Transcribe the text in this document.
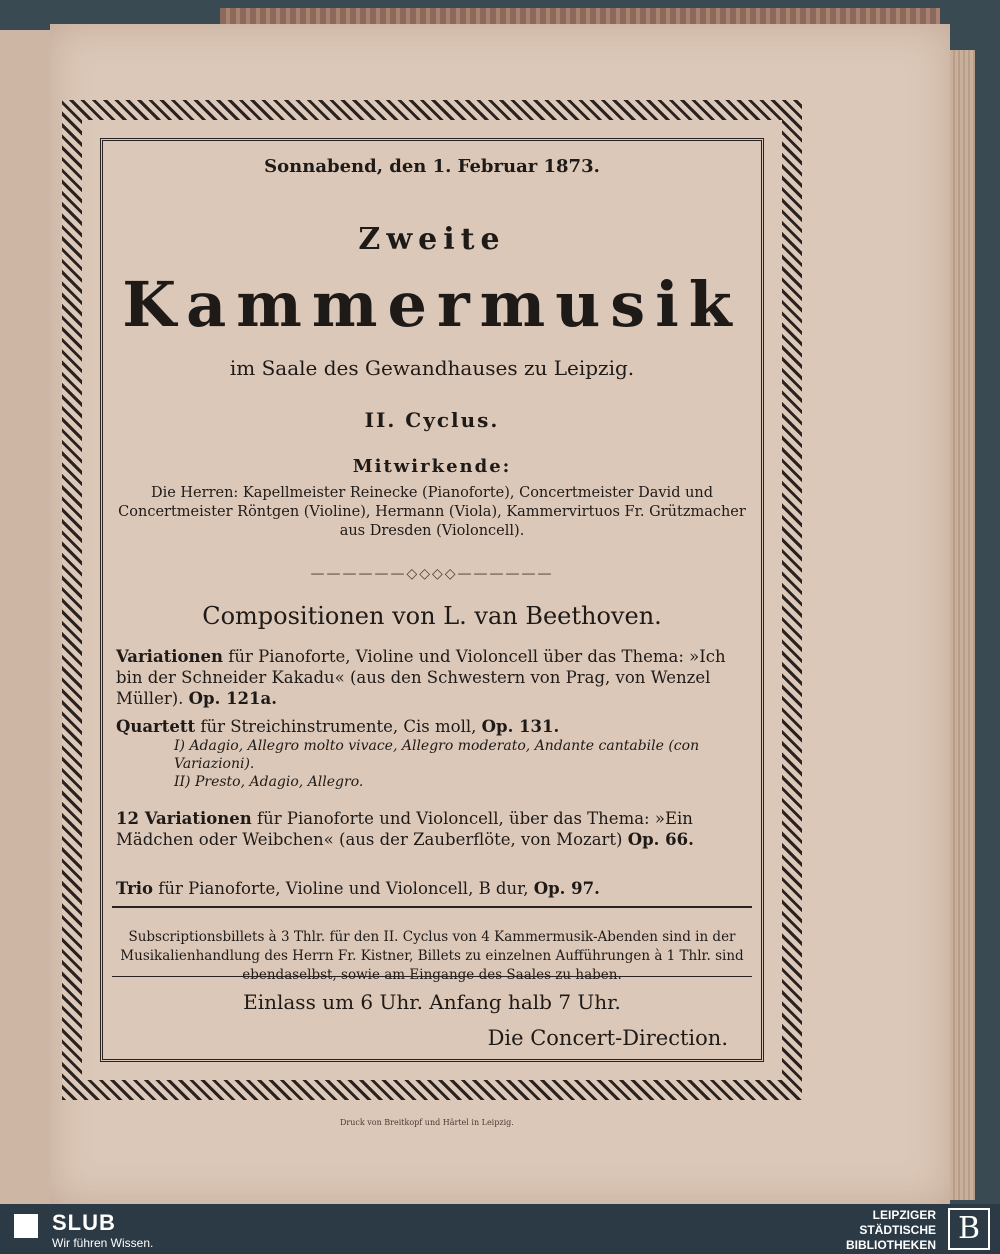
Sonnabend, den 1. Februar 1873.

Zweite

Kammermusik

im Saale des Gewandhauses zu Leipzig.

II. Cyclus.

Mitwirkende:

Die Herren: Kapellmeister Reinecke (Pianoforte), Concertmeister David und Concertmeister Röntgen (Violine), Hermann (Viola), Kammervirtuos Fr. Grützmacher aus Dresden (Violoncell).

——————◇◇◇◇——————

Compositionen von L. van Beethoven.

Variationen für Pianoforte, Violine und Violoncell über das Thema: »Ich bin der Schneider Kakadu« (aus den Schwestern von Prag, von Wenzel Müller). Op. 121a.
Quartett für Streichinstrumente, Cis moll, Op. 131.
I) Adagio, Allegro molto vivace, Allegro moderato, Andante cantabile (con Variazioni).
II) Presto, Adagio, Allegro.
12 Variationen für Pianoforte und Violoncell, über das Thema: »Ein Mädchen oder Weibchen« (aus der Zauberflöte, von Mozart) Op. 66.
Trio für Pianoforte, Violine und Violoncell, B dur, Op. 97.

Subscriptionsbillets à 3 Thlr. für den II. Cyclus von 4 Kammermusik-Abenden sind in der Musikalienhandlung des Herrn Fr. Kistner, Billets zu einzelnen Aufführungen à 1 Thlr. sind ebendaselbst, sowie am Eingange des Saales zu haben.

Einlass um 6 Uhr. Anfang halb 7 Uhr.

Die Concert-Direction.

Druck von Breitkopf und Härtel in Leipzig.
SLUB
Wir führen Wissen.
LEIPZIGER
STÄDTISCHE
BIBLIOTHEKEN B
